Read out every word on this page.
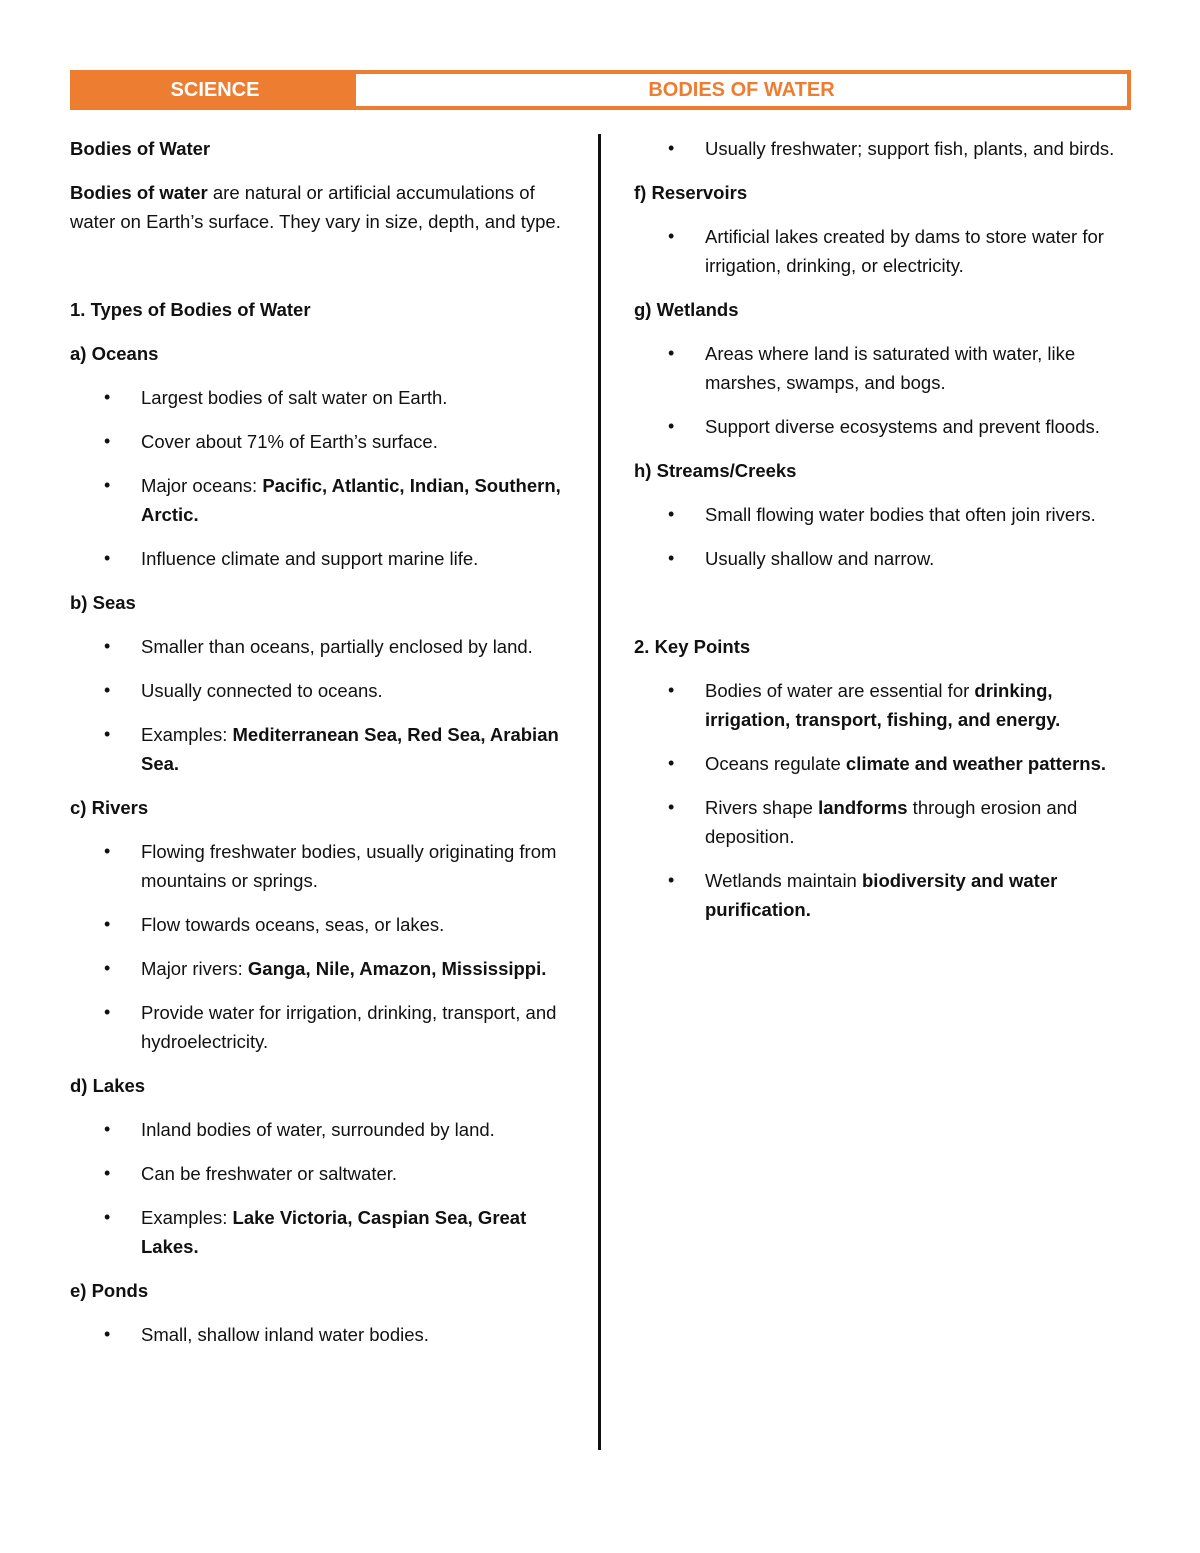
SCIENCE	BODIES OF WATER
Bodies of Water

Bodies of water are natural or artificial accumulations of water on Earth’s surface. They vary in size, depth, and type.

1. Types of Bodies of Water
a) Oceans
• Largest bodies of salt water on Earth.
• Cover about 71% of Earth’s surface.
• Major oceans: Pacific, Atlantic, Indian, Southern, Arctic.
• Influence climate and support marine life.
b) Seas
• Smaller than oceans, partially enclosed by land.
• Usually connected to oceans.
• Examples: Mediterranean Sea, Red Sea, Arabian Sea.
c) Rivers
• Flowing freshwater bodies, usually originating from mountains or springs.
• Flow towards oceans, seas, or lakes.
• Major rivers: Ganga, Nile, Amazon, Mississippi.
• Provide water for irrigation, drinking, transport, and hydroelectricity.
d) Lakes
• Inland bodies of water, surrounded by land.
• Can be freshwater or saltwater.
• Examples: Lake Victoria, Caspian Sea, Great Lakes.
e) Ponds
• Small, shallow inland water bodies.
• Usually freshwater; support fish, plants, and birds.
f) Reservoirs
• Artificial lakes created by dams to store water for irrigation, drinking, or electricity.
g) Wetlands
• Areas where land is saturated with water, like marshes, swamps, and bogs.
• Support diverse ecosystems and prevent floods.
h) Streams/Creeks
• Small flowing water bodies that often join rivers.
• Usually shallow and narrow.
2. Key Points
• Bodies of water are essential for drinking, irrigation, transport, fishing, and energy.
• Oceans regulate climate and weather patterns.
• Rivers shape landforms through erosion and deposition.
• Wetlands maintain biodiversity and water purification.
